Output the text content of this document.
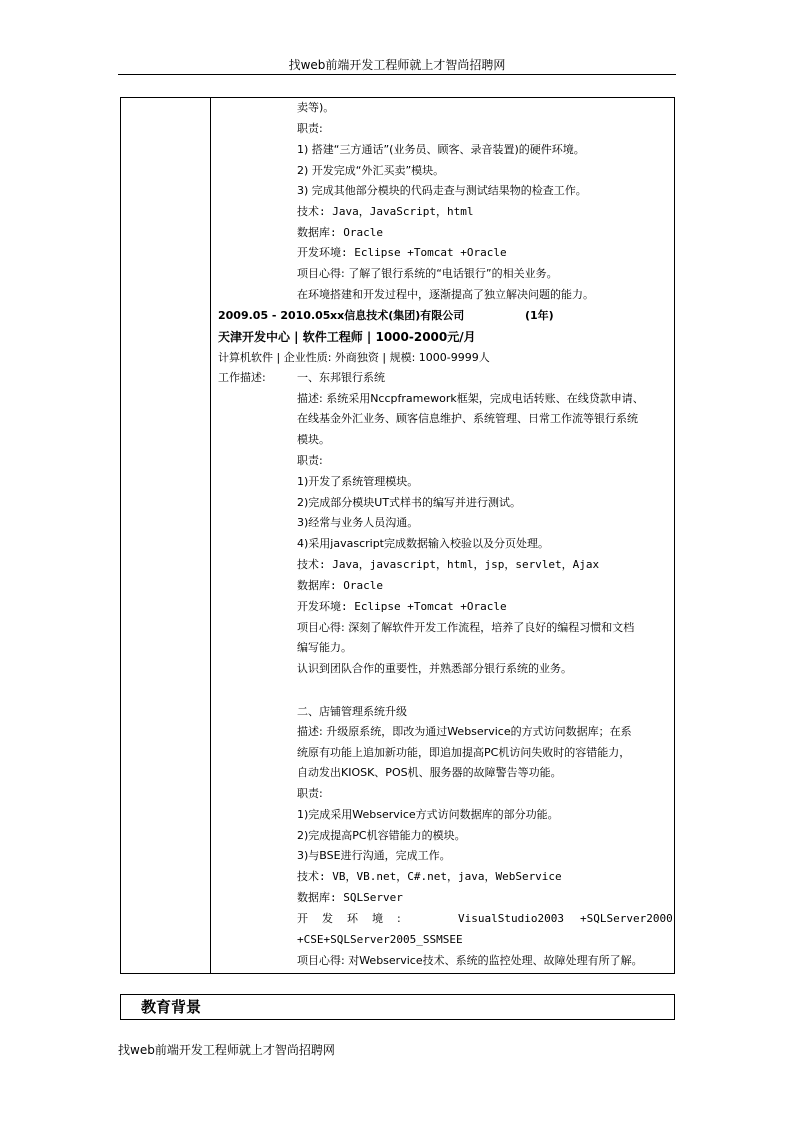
找web前端开发工程师就上才智尚招聘网
卖等)。
职责:
1) 搭建“三方通话”(业务员、顾客、录音装置)的硬件环境。
2) 开发完成“外汇买卖”模块。
3) 完成其他部分模块的代码走查与测试结果物的检查工作。
技术: Java，JavaScript，html
数据库: Oracle
开发环境: Eclipse +Tomcat +Oracle
项目心得: 了解了银行系统的“电话银行”的相关业务。
在环境搭建和开发过程中，逐渐提高了独立解决问题的能力。
2009.05 - 2010.05 xx信息技术(集团)有限公司	(1年)
天津开发中心 | 软件工程师 | 1000-2000元/月
计算机软件 | 企业性质: 外商独资 | 规模: 1000-9999人
工作描述:	一、东邦银行系统
描述: 系统采用Nccpframework框架，完成电话转账、在线贷款申请、
在线基金外汇业务、顾客信息维护、系统管理、日常工作流等银行系统
模块。
职责:
1)开发了系统管理模块。
2)完成部分模块UT式样书的编写并进行测试。
3)经常与业务人员沟通。
4)采用javascript完成数据输入校验以及分页处理。
技术: Java，javascript，html，jsp，servlet，Ajax
数据库: Oracle
开发环境: Eclipse +Tomcat +Oracle
项目心得: 深刻了解软件开发工作流程，培养了良好的编程习惯和文档
编写能力。
认识到团队合作的重要性，并熟悉部分银行系统的业务。
二、店铺管理系统升级
描述: 升级原系统，即改为通过Webservice的方式访问数据库；在系
统原有功能上追加新功能，即追加提高PC机访问失败时的容错能力，
自动发出KIOSK、POS机、服务器的故障警告等功能。
职责:
1)完成采用Webservice方式访问数据库的部分功能。
2)完成提高PC机容错能力的模块。
3)与BSE进行沟通，完成工作。
技术: VB，VB.net，C#.net，java，WebService
数据库: SQLServer
开    发    环    境    :	VisualStudio2003 +SQLServer2000
+CSE+SQLServer2005_SSMSEE
项目心得: 对Webservice技术、系统的监控处理、故障处理有所了解。
教育背景
找web前端开发工程师就上才智尚招聘网
